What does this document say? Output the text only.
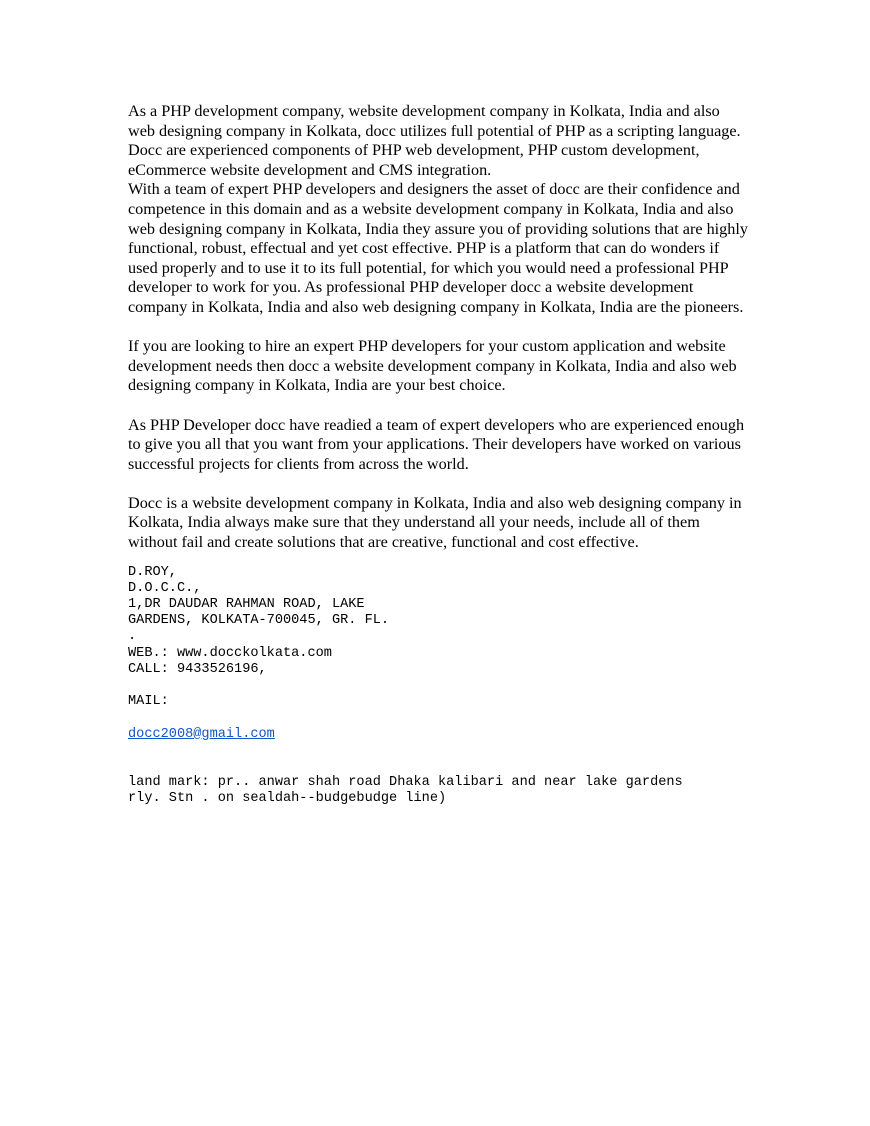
As a PHP development company, website development company in Kolkata, India and also web designing company in Kolkata, docc utilizes full potential of PHP as a scripting language. Docc are experienced components of PHP web development, PHP custom development, eCommerce website development and CMS integration.

With a team of expert PHP developers and designers the asset of docc are their confidence and competence in this domain and as a website development company in Kolkata, India and also web designing company in Kolkata, India they assure you of providing solutions that are highly functional, robust, effectual and yet cost effective. PHP is a platform that can do wonders if used properly and to use it to its full potential, for which you would need a professional PHP developer to work for you. As professional PHP developer docc a website development company in Kolkata, India and also web designing company in Kolkata, India are the pioneers.

If you are looking to hire an expert PHP developers for your custom application and website development needs then docc a website development company in Kolkata, India and also web designing company in Kolkata, India are your best choice.

As PHP Developer docc have readied a team of expert developers who are experienced enough to give you all that you want from your applications. Their developers have worked on various successful projects for clients from across the world.

Docc is a website development company in Kolkata, India and also web designing company in Kolkata, India always make sure that they understand all your needs, include all of them without fail and create solutions that are creative, functional and cost effective.

D.ROY,
D.O.C.C.,
1,DR DAUDAR RAHMAN ROAD, LAKE
GARDENS, KOLKATA-700045, GR. FL.
.
WEB.: www.docckolkata.com
CALL: 9433526196,
MAIL:
docc2008@gmail.com
land mark: pr.. anwar shah road Dhaka kalibari and near lake gardens
rly. Stn . on sealdah--budgebudge line)
